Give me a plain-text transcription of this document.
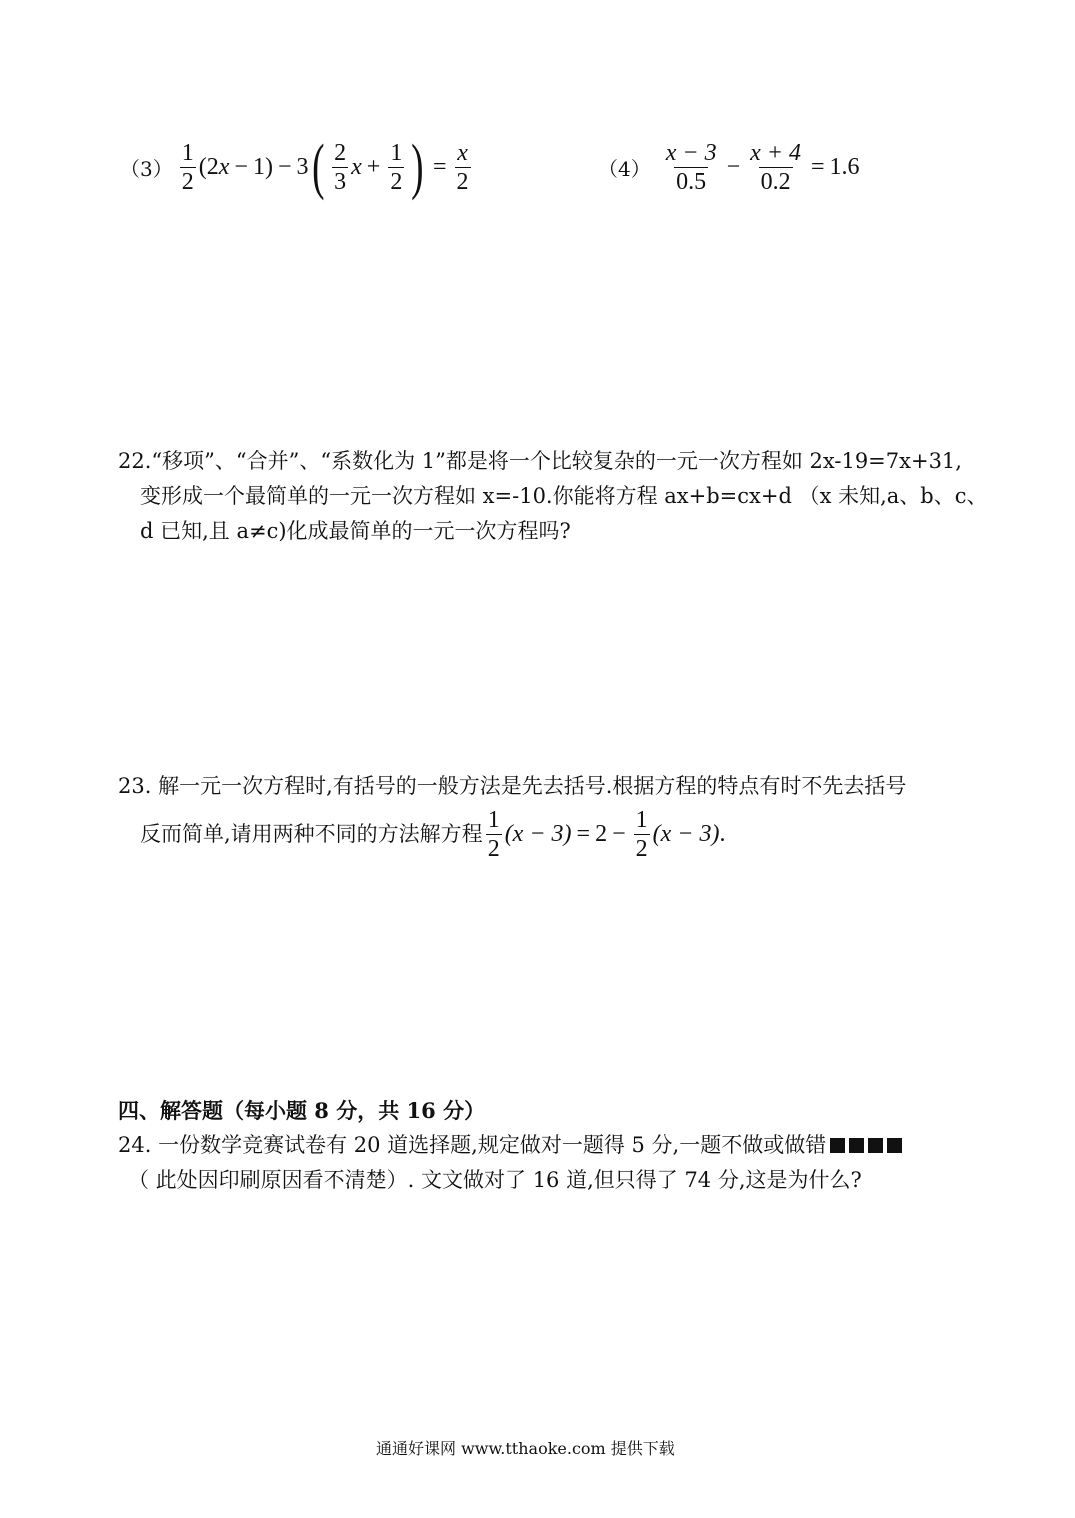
$(3) \frac{1}{2} (2$ x − 1) − 3 ( $\frac{2}{3}$ $x + \frac{1}{2}$ ) = $\frac{x}{2}$	$(4) \frac{x - 3}{0.5} - \frac{x + 4}{0.2} = 1.6$
22.“移项”、“合并”、“系数化为 1”都是将一个比较复杂的一元一次方程如 2x-19=7x+31,
变形成一个最简单的一元一次方程如 x=-10.你能将方程 ax+b=cx+d （x 未知,a、b、c、
d 已知,且 a≠c)化成最简单的一元一次方程吗?
23. 解一元一次方程时,有括号的一般方法是先去括号.根据方程的特点有时不先去括号
反而简单,请用两种不同的方法解方程 $\frac{1}{2} (x - 3) = 2 - \frac{1}{2} (x - 3)$ .
四、解答题（每小题 8 分，共 16 分）
24. 一份数学竞赛试卷有 20 道选择题,规定做对一题得 5 分,一题不做或做错
（ 此处因印刷原因看不清楚）. 文文做对了 16 道,但只得了 74 分,这是为什么?
通通好课网 www.tthaoke.com 提供下载
